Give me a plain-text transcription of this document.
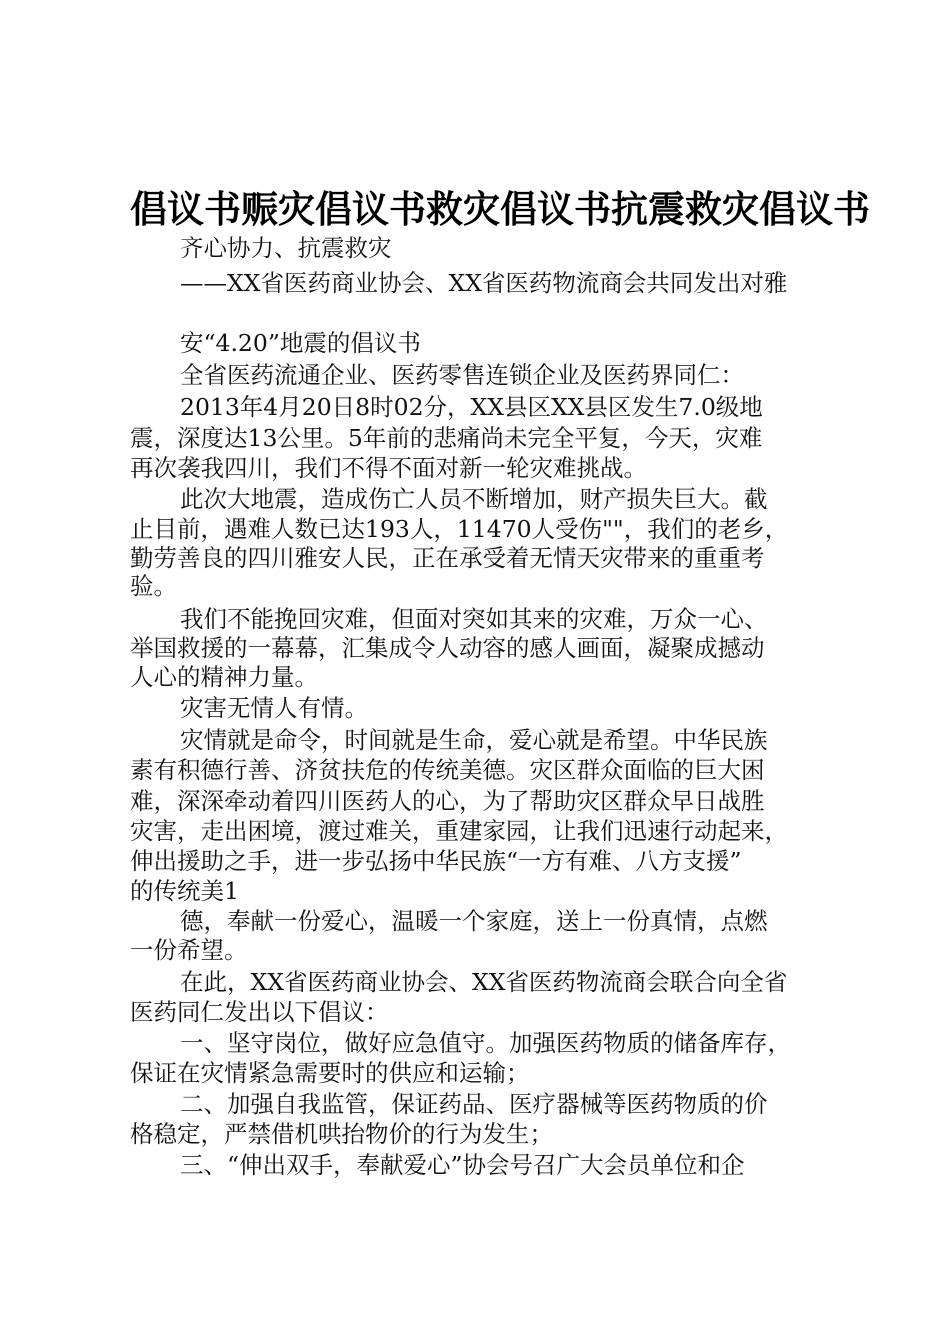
倡议书赈灾倡议书救灾倡议书抗震救灾倡议书
齐心协力、抗震救灾
——XX省医药商业协会、XX省医药物流商会共同发出对雅
安“4.20”地震的倡议书
全省医药流通企业、医药零售连锁企业及医药界同仁：
2013年4月20日8时02分，XX县区XX县区发生7.0级地
震，深度达13公里。5年前的悲痛尚未完全平复，今天，灾难
再次袭我四川，我们不得不面对新一轮灾难挑战。
此次大地震，造成伤亡人员不断增加，财产损失巨大。截
止目前，遇难人数已达193人，11470人受伤""，我们的老乡，
勤劳善良的四川雅安人民，正在承受着无情天灾带来的重重考
验。
我们不能挽回灾难，但面对突如其来的灾难，万众一心、
举国救援的一幕幕，汇集成令人动容的感人画面，凝聚成撼动
人心的精神力量。
灾害无情人有情。
灾情就是命令，时间就是生命，爱心就是希望。中华民族
素有积德行善、济贫扶危的传统美德。灾区群众面临的巨大困
难，深深牵动着四川医药人的心，为了帮助灾区群众早日战胜
灾害，走出困境，渡过难关，重建家园，让我们迅速行动起来，
伸出援助之手，进一步弘扬中华民族“一方有难、八方支援”
的传统美1
德，奉献一份爱心，温暖一个家庭，送上一份真情，点燃
一份希望。
在此，XX省医药商业协会、XX省医药物流商会联合向全省
医药同仁发出以下倡议：
一、坚守岗位，做好应急值守。加强医药物质的储备库存，
保证在灾情紧急需要时的供应和运输；
二、加强自我监管，保证药品、医疗器械等医药物质的价
格稳定，严禁借机哄抬物价的行为发生；
三、“伸出双手，奉献爱心”协会号召广大会员单位和企
